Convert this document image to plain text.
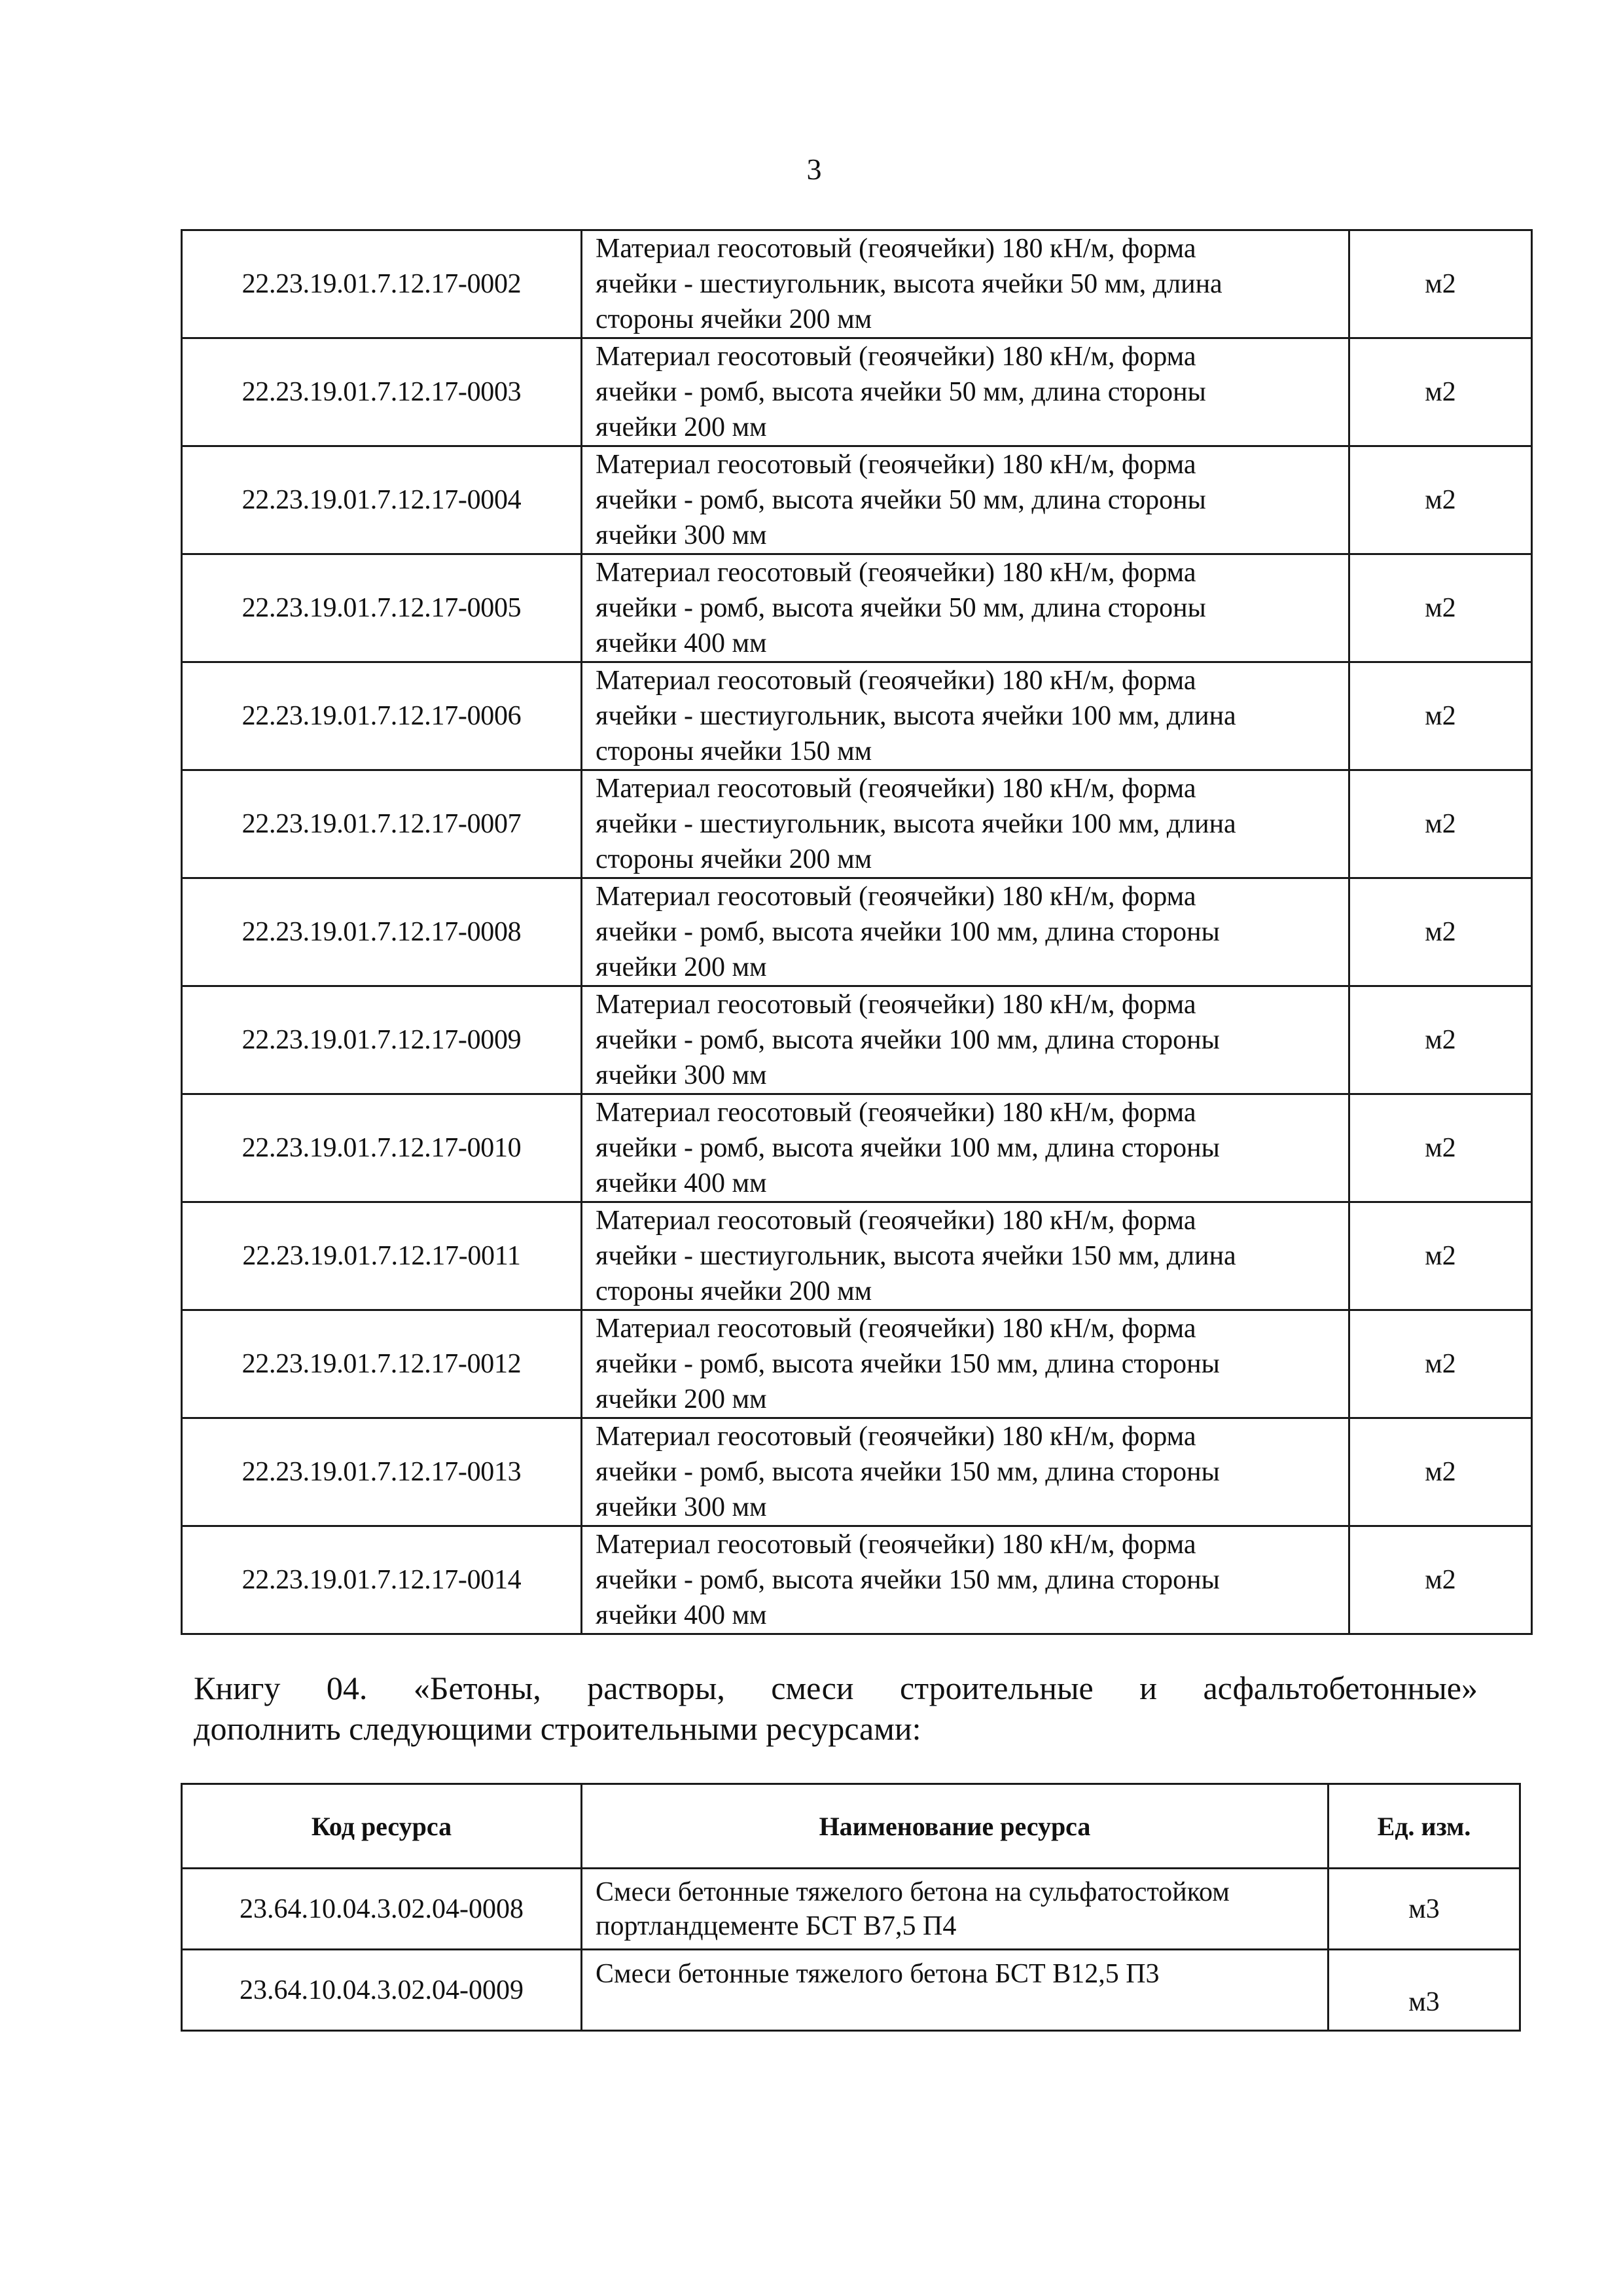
3
22.23.19.01.7.12.17-0002	Материал геосотовый (геоячейки) 180 кН/м, форма
ячейки - шестиугольник, высота ячейки 50 мм, длина
стороны ячейки 200 мм	м2
22.23.19.01.7.12.17-0003	Материал геосотовый (геоячейки) 180 кН/м, форма
ячейки - ромб, высота ячейки 50 мм, длина стороны
ячейки 200 мм	м2
22.23.19.01.7.12.17-0004	Материал геосотовый (геоячейки) 180 кН/м, форма
ячейки - ромб, высота ячейки 50 мм, длина стороны
ячейки 300 мм	м2
22.23.19.01.7.12.17-0005	Материал геосотовый (геоячейки) 180 кН/м, форма
ячейки - ромб, высота ячейки 50 мм, длина стороны
ячейки 400 мм	м2
22.23.19.01.7.12.17-0006	Материал геосотовый (геоячейки) 180 кН/м, форма
ячейки - шестиугольник, высота ячейки 100 мм, длина
стороны ячейки 150 мм	м2
22.23.19.01.7.12.17-0007	Материал геосотовый (геоячейки) 180 кН/м, форма
ячейки - шестиугольник, высота ячейки 100 мм, длина
стороны ячейки 200 мм	м2
22.23.19.01.7.12.17-0008	Материал геосотовый (геоячейки) 180 кН/м, форма
ячейки - ромб, высота ячейки 100 мм, длина стороны
ячейки 200 мм	м2
22.23.19.01.7.12.17-0009	Материал геосотовый (геоячейки) 180 кН/м, форма
ячейки - ромб, высота ячейки 100 мм, длина стороны
ячейки 300 мм	м2
22.23.19.01.7.12.17-0010	Материал геосотовый (геоячейки) 180 кН/м, форма
ячейки - ромб, высота ячейки 100 мм, длина стороны
ячейки 400 мм	м2
22.23.19.01.7.12.17-0011	Материал геосотовый (геоячейки) 180 кН/м, форма
ячейки - шестиугольник, высота ячейки 150 мм, длина
стороны ячейки 200 мм	м2
22.23.19.01.7.12.17-0012	Материал геосотовый (геоячейки) 180 кН/м, форма
ячейки - ромб, высота ячейки 150 мм, длина стороны
ячейки 200 мм	м2
22.23.19.01.7.12.17-0013	Материал геосотовый (геоячейки) 180 кН/м, форма
ячейки - ромб, высота ячейки 150 мм, длина стороны
ячейки 300 мм	м2
22.23.19.01.7.12.17-0014	Материал геосотовый (геоячейки) 180 кН/м, форма
ячейки - ромб, высота ячейки 150 мм, длина стороны
ячейки 400 мм	м2
Книгу 04. «Бетоны, растворы, смеси строительные и асфальтобетонные»
дополнить следующими строительными ресурсами:
Код ресурса	Наименование ресурса	Ед. изм.
23.64.10.04.3.02.04-0008	Смеси бетонные тяжелого бетона на сульфатостойком
портландцементе БСТ В7,5 П4	м3
23.64.10.04.3.02.04-0009	Смеси бетонные тяжелого бетона БСТ В12,5 П3	м3
